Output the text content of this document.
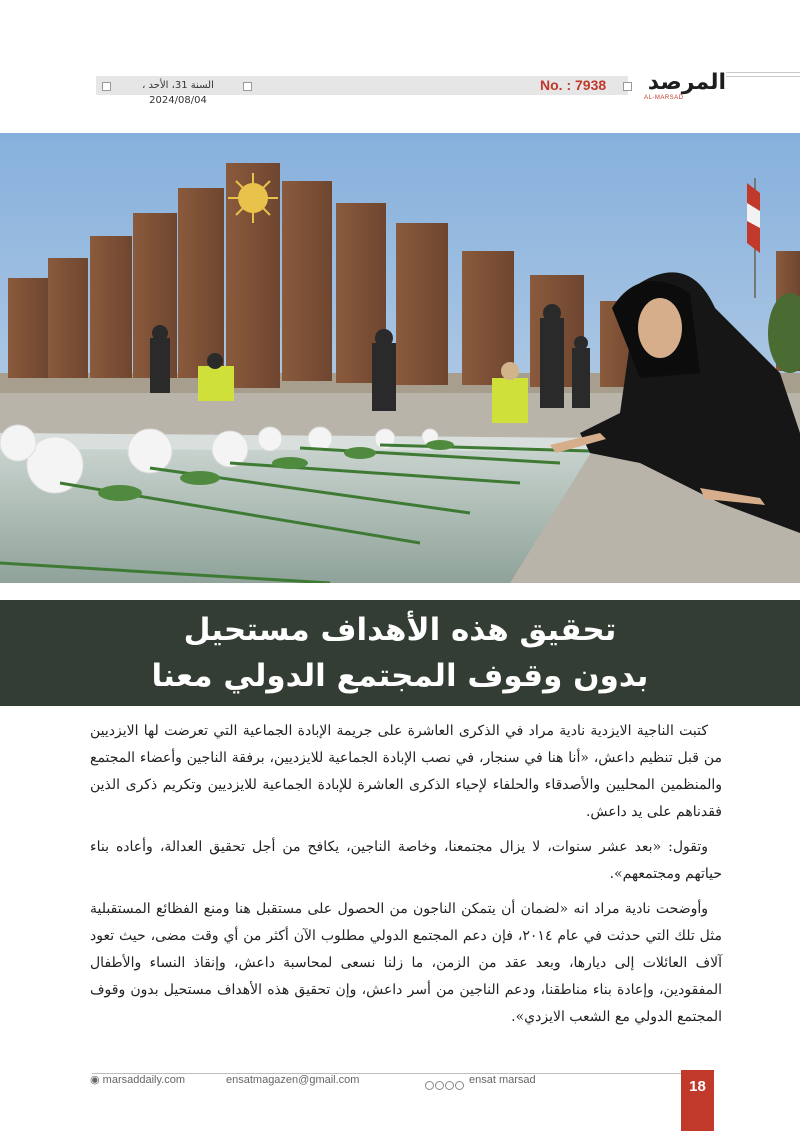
السنة 31، الأحد ، 2024/08/04
No. : 7938 المرصد
AL-MARSAD
تحقيق هذه الأهداف مستحيل
بدون وقوف المجتمع الدولي معنا

كتبت الناجية الايزدية نادية مراد في الذكرى العاشرة على جريمة الإبادة الجماعية التي تعرضت لها الايزديين من قبل تنظيم داعش، «أنا هنا في سنجار، في نصب الإبادة الجماعية للايزديين، برفقة الناجين وأعضاء المجتمع والمنظمين المحليين والأصدقاء والحلفاء لإحياء الذكرى العاشرة للإبادة الجماعية للايزديين وتكريم ذكرى الذين فقدناهم على يد داعش.

وتقول: «بعد عشر سنوات، لا يزال مجتمعنا، وخاصة الناجين، يكافح من أجل تحقيق العدالة، وأعاده بناء حياتهم ومجتمعهم».

وأوضحت نادية مراد انه «لضمان أن يتمكن الناجون من الحصول على مستقبل هنا ومنع الفظائع المستقبلية مثل تلك التي حدثت في عام ٢٠١٤، فإن دعم المجتمع الدولي مطلوب الآن أكثر من أي وقت مضى، حيث تعود آلاف العائلات إلى ديارها، وبعد عقد من الزمن، ما زلنا نسعى لمحاسبة داعش، وإنقاذ النساء والأطفال المفقودين، وإعادة بناء مناطقنا، ودعم الناجين من أسر داعش، وإن تحقيق هذه الأهداف مستحيل بدون وقوف المجتمع الدولي مع الشعب الايزدي».

◉ marsaddaily.com	ensatmagazen@gmail.com	ensat marsad	18
